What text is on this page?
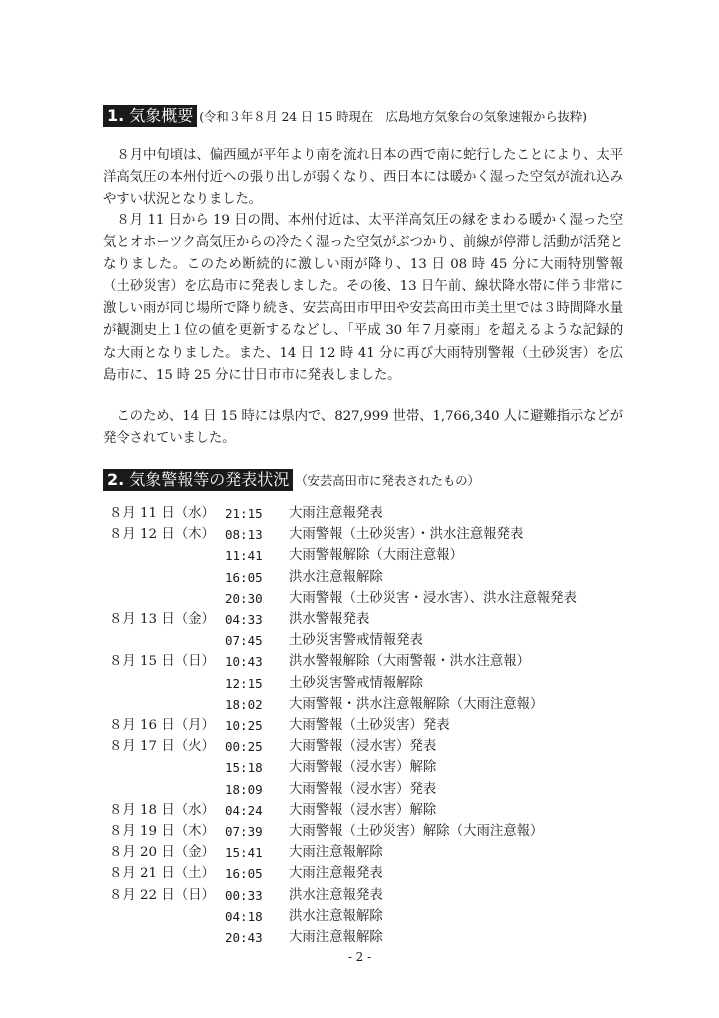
1. 気象概要 (令和３年８月 24 日 15 時現在　広島地方気象台の気象速報から抜粋)

８月中旬頃は、偏西風が平年より南を流れ日本の西で南に蛇行したことにより、太平洋高気圧の本州付近への張り出しが弱くなり、西日本には暖かく湿った空気が流れ込みやすい状況となりました。

８月 11 日から 19 日の間、本州付近は、太平洋高気圧の縁をまわる暖かく湿った空気とオホーツク高気圧からの冷たく湿った空気がぶつかり、前線が停滞し活動が活発となりました。このため断続的に激しい雨が降り、13 日 08 時 45 分に大雨特別警報（土砂災害）を広島市に発表しました。その後、13 日午前、線状降水帯に伴う非常に激しい雨が同じ場所で降り続き、安芸高田市甲田や安芸高田市美土里では３時間降水量が観測史上１位の値を更新するなどし、「平成 30 年７月豪雨」を超えるような記録的な大雨となりました。また、14 日 12 時 41 分に再び大雨特別警報（土砂災害）を広島市に、15 時 25 分に廿日市市に発表しました。

このため、14 日 15 時には県内で、827,999 世帯、1,766,340 人に避難指示などが発令されていました。

2. 気象警報等の発表状況 （安芸高田市に発表されたもの）
８月 11 日（水） 21:15	大雨注意報発表
８月 12 日（木） 08:13	大雨警報（土砂災害）・洪水注意報発表
11:41	大雨警報解除（大雨注意報）
16:05	洪水注意報解除
20:30	大雨警報（土砂災害・浸水害）、洪水注意報発表
８月 13 日（金） 04:33	洪水警報発表
07:45	土砂災害警戒情報発表
８月 15 日（日） 10:43	洪水警報解除（大雨警報・洪水注意報）
12:15	土砂災害警戒情報解除
18:02	大雨警報・洪水注意報解除（大雨注意報）
８月 16 日（月） 10:25	大雨警報（土砂災害）発表
８月 17 日（火） 00:25	大雨警報（浸水害）発表
15:18	大雨警報（浸水害）解除
18:09	大雨警報（浸水害）発表
８月 18 日（水） 04:24	大雨警報（浸水害）解除
８月 19 日（木） 07:39	大雨警報（土砂災害）解除（大雨注意報）
８月 20 日（金） 15:41	大雨注意報解除
８月 21 日（土） 16:05	大雨注意報発表
８月 22 日（日） 00:33	洪水注意報発表
04:18	洪水注意報解除
20:43	大雨注意報解除
- 2 -
